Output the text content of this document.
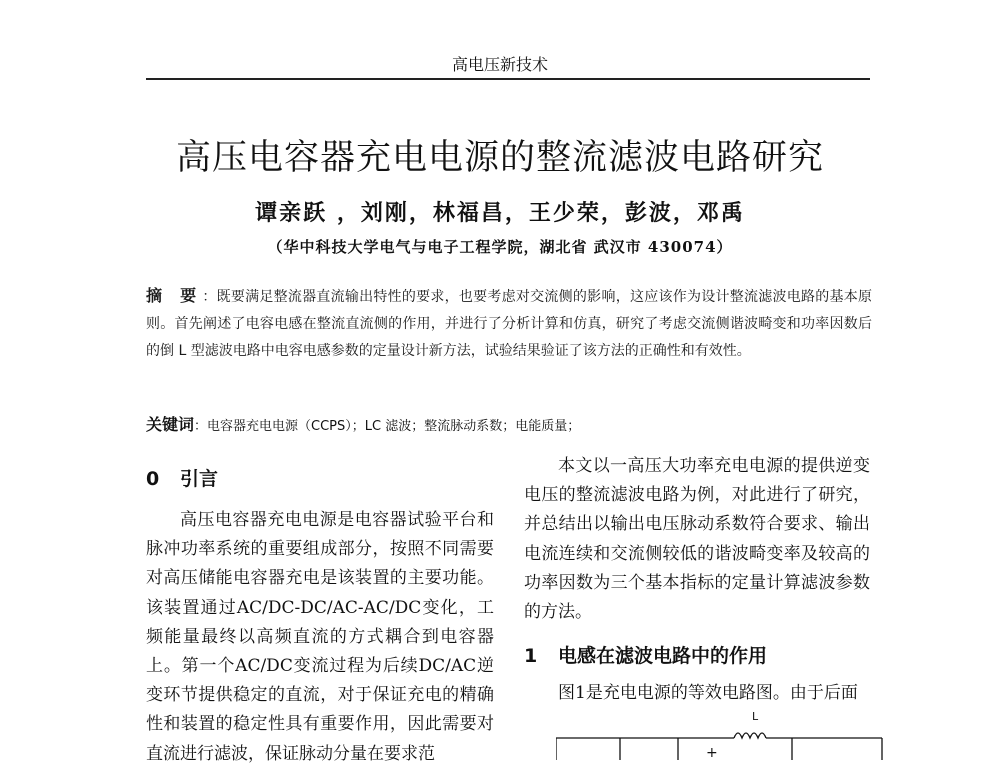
高电压新技术
高压电容器充电电源的整流滤波电路研究
谭亲跃 ，刘刚，林福昌，王少荣，彭波，邓禹
（华中科技大学电气与电子工程学院，湖北省 武汉市 430074）
摘 要：既要满足整流器直流输出特性的要求，也要考虑对交流侧的影响，这应该作为设计整流滤波电路的基本原则。首先阐述了电容电感在整流直流侧的作用，并进行了分析计算和仿真，研究了考虑交流侧谐波畸变和功率因数后的倒 L 型滤波电路中电容电感参数的定量设计新方法，试验结果验证了该方法的正确性和有效性。
关键词：电容器充电电源（CCPS）；LC 滤波；整流脉动系数；电能质量；
0 引言

高压电容器充电电源是电容器试验平台和脉冲功率系统的重要组成部分，按照不同需要对高压储能电容器充电是该装置的主要功能。该装置通过AC/DC-DC/AC-AC/DC变化，工频能量最终以高频直流的方式耦合到电容器上。第一个AC/DC变流过程为后续DC/AC逆变环节提供稳定的直流，对于保证充电的精确性和装置的稳定性具有重要作用，因此需要对直流进行滤波，保证脉动分量在要求范

本文以一高压大功率充电电源的提供逆变电压的整流滤波电路为例，对此进行了研究，并总结出以输出电压脉动系数符合要求、输出电流连续和交流侧较低的谐波畸变率及较高的功率因数为三个基本指标的定量计算滤波参数的方法。

1 电感在滤波电路中的作用

图1是充电电源的等效电路图。由于后面

L
+
